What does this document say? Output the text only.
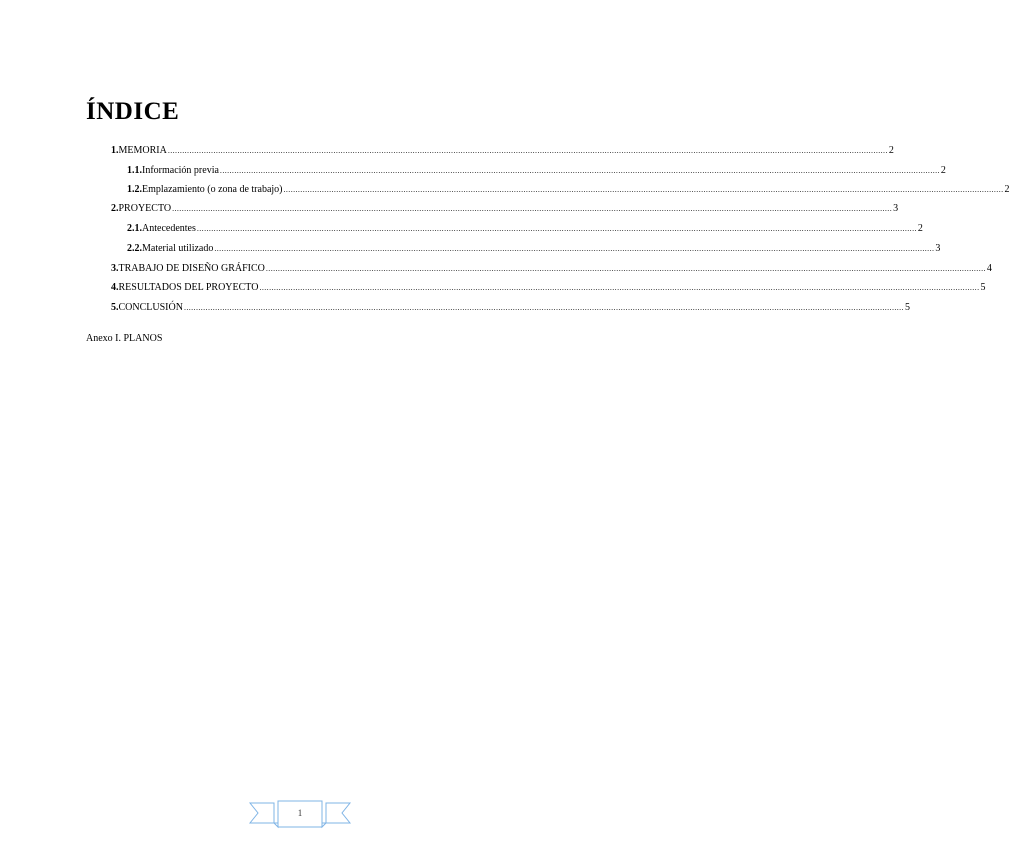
ÍNDICE
1. MEMORIA ............................................................................................................................................................................................................................................................................................................ 2
1.1. Información previa ............................................................................................................................................................................................................................................................................................................ 2
1.2. Emplazamiento (o zona de trabajo) ............................................................................................................................................................................................................................................................................................................ 2
2. PROYECTO ............................................................................................................................................................................................................................................................................................................ 3
2.1. Antecedentes ............................................................................................................................................................................................................................................................................................................ 2
2.2. Material utilizado ............................................................................................................................................................................................................................................................................................................ 3
3. TRABAJO DE DISEÑO GRÁFICO ............................................................................................................................................................................................................................................................................................................ 4
4. RESULTADOS DEL PROYECTO ............................................................................................................................................................................................................................................................................................................ 5
5. CONCLUSIÓN ............................................................................................................................................................................................................................................................................................................ 5
Anexo I. PLANOS
1
